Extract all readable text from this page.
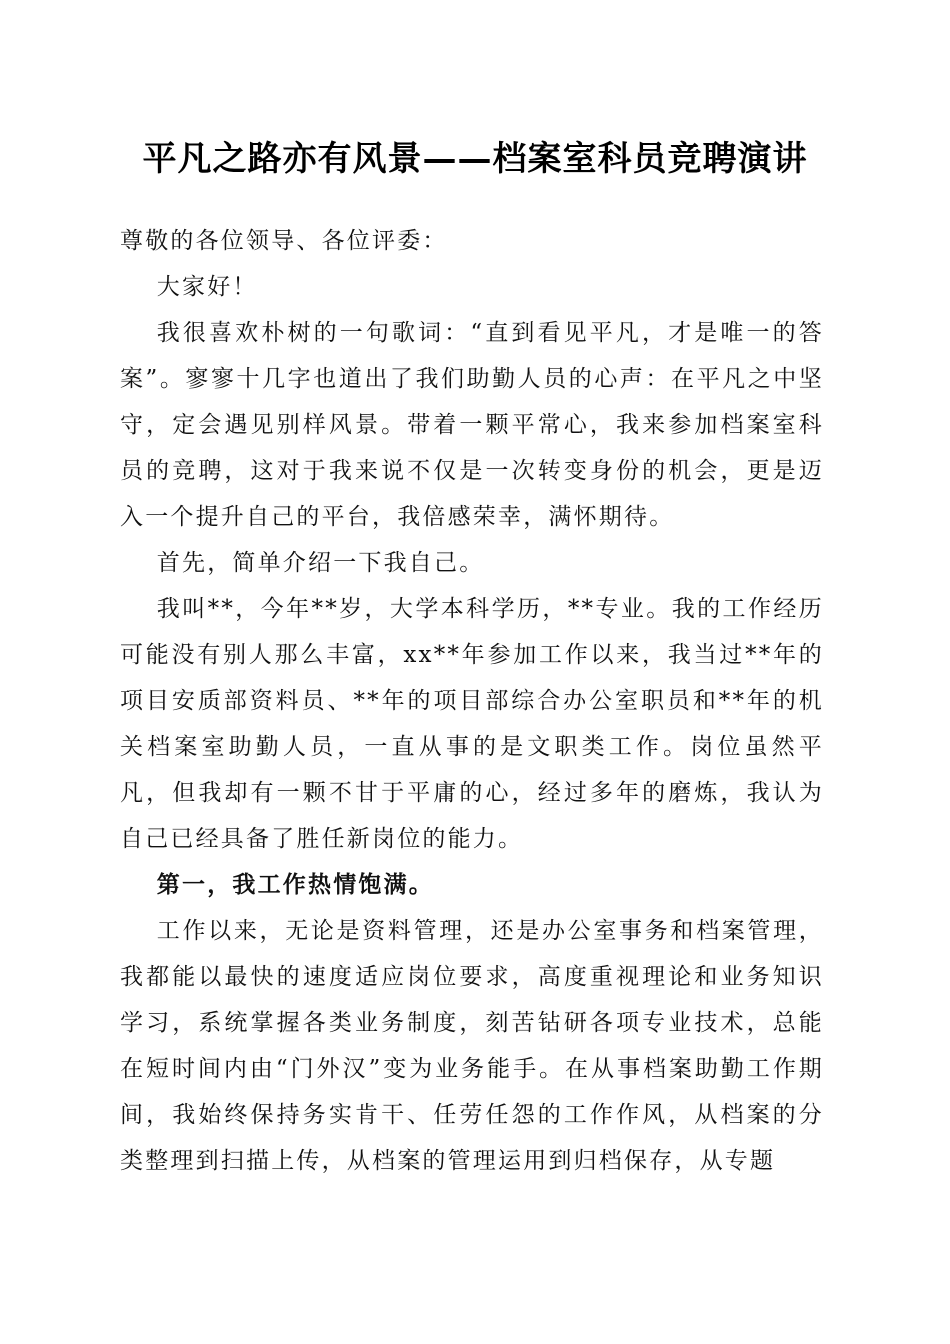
平凡之路亦有风景——档案室科员竞聘演讲

尊敬的各位领导、各位评委：

大家好！

我很喜欢朴树的一句歌词：“直到看见平凡，才是唯一的答案”。寥寥十几字也道出了我们助勤人员的心声：在平凡之中坚守，定会遇见别样风景。带着一颗平常心，我来参加档案室科员的竞聘，这对于我来说不仅是一次转变身份的机会，更是迈入一个提升自己的平台，我倍感荣幸，满怀期待。

首先，简单介绍一下我自己。

我叫**，今年**岁，大学本科学历，**专业。我的工作经历可能没有别人那么丰富，xx**年参加工作以来，我当过**年的项目安质部资料员、**年的项目部综合办公室职员和**年的机关档案室助勤人员，一直从事的是文职类工作。岗位虽然平凡，但我却有一颗不甘于平庸的心，经过多年的磨炼，我认为自己已经具备了胜任新岗位的能力。

第一，我工作热情饱满。

工作以来，无论是资料管理，还是办公室事务和档案管理，我都能以最快的速度适应岗位要求，高度重视理论和业务知识学习，系统掌握各类业务制度，刻苦钻研各项专业技术，总能在短时间内由“门外汉”变为业务能手。在从事档案助勤工作期间，我始终保持务实肯干、任劳任怨的工作作风，从档案的分类整理到扫描上传，从档案的管理运用到归档保存，从专题
